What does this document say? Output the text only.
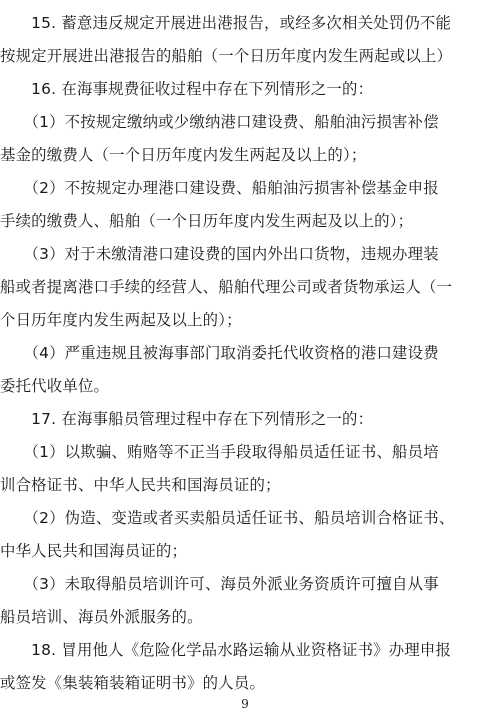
　　15. 蓄意违反规定开展进出港报告，或经多次相关处罚仍不能
按规定开展进出港报告的船舶（一个日历年度内发生两起或以上）
　　16. 在海事规费征收过程中存在下列情形之一的：
　　（1）不按规定缴纳或少缴纳港口建设费、船舶油污损害补偿
基金的缴费人（一个日历年度内发生两起及以上的）；
　　（2）不按规定办理港口建设费、船舶油污损害补偿基金申报
手续的缴费人、船舶（一个日历年度内发生两起及以上的）；
　　（3）对于未缴清港口建设费的国内外出口货物，违规办理装
船或者提离港口手续的经营人、船舶代理公司或者货物承运人（一
个日历年度内发生两起及以上的）；
　　（4）严重违规且被海事部门取消委托代收资格的港口建设费
委托代收单位。
　　17. 在海事船员管理过程中存在下列情形之一的：
　　（1）以欺骗、贿赂等不正当手段取得船员适任证书、船员培
训合格证书、中华人民共和国海员证的；
　　（2）伪造、变造或者买卖船员适任证书、船员培训合格证书、
中华人民共和国海员证的；
　　（3）未取得船员培训许可、海员外派业务资质许可擅自从事
船员培训、海员外派服务的。
　　18. 冒用他人《危险化学品水路运输从业资格证书》办理申报
或签发《集装箱装箱证明书》的人员。
9
